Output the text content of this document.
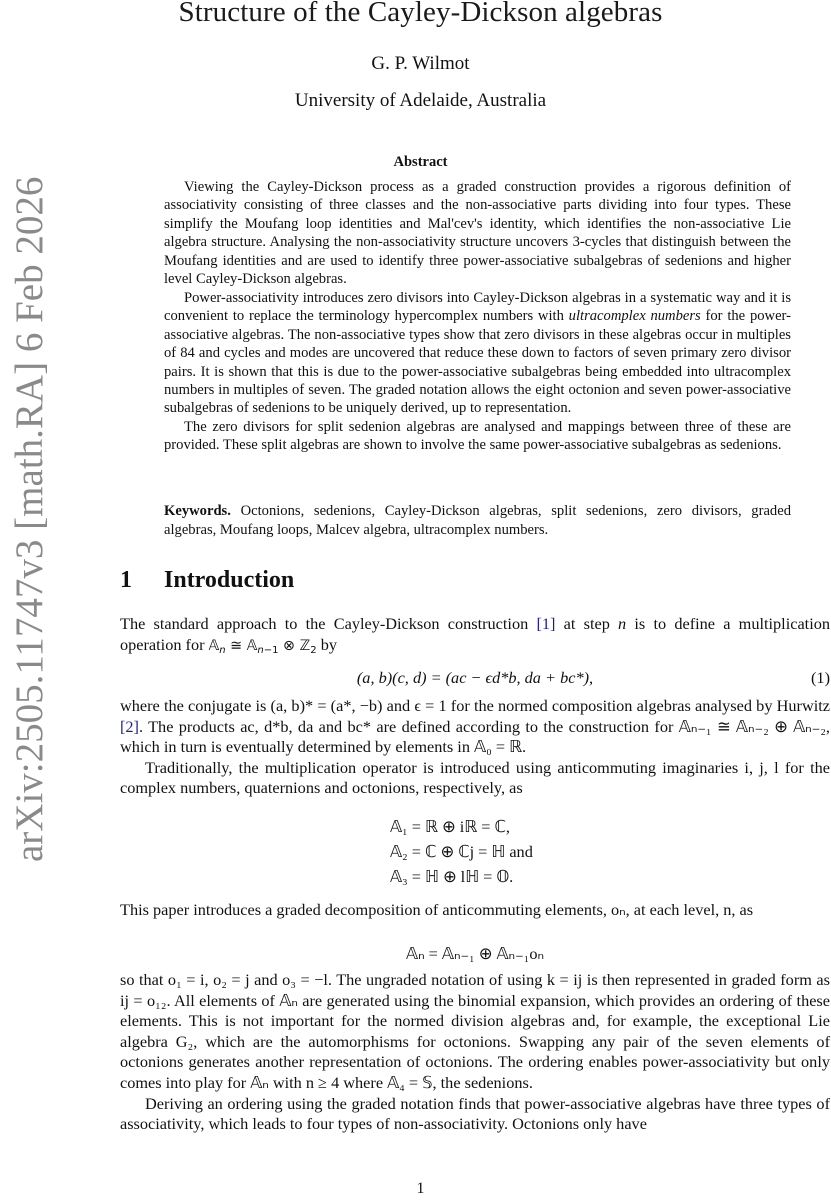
arXiv:2505.11747v3 [math.RA] 6 Feb 2026
Structure of the Cayley-Dickson algebras
G. P. Wilmot
University of Adelaide, Australia
Abstract

Viewing the Cayley-Dickson process as a graded construction provides a rigorous definition of associativity consisting of three classes and the non-associative parts dividing into four types. These simplify the Moufang loop identities and Mal'cev's identity, which identifies the non-associative Lie algebra structure. Analysing the non-associativity structure uncovers 3-cycles that distinguish between the Moufang identities and are used to identify three power-associative subalgebras of sedenions and higher level Cayley-Dickson algebras.

Power-associativity introduces zero divisors into Cayley-Dickson algebras in a systematic way and it is convenient to replace the terminology hypercomplex numbers with ultracomplex numbers for the power-associative algebras. The non-associative types show that zero divisors in these algebras occur in multiples of 84 and cycles and modes are uncovered that reduce these down to factors of seven primary zero divisor pairs. It is shown that this is due to the power-associative subalgebras being embedded into ultracomplex numbers in multiples of seven. The graded notation allows the eight octonion and seven power-associative subalgebras of sedenions to be uniquely derived, up to representation.

The zero divisors for split sedenion algebras are analysed and mappings between three of these are provided. These split algebras are shown to involve the same power-associative subalgebras as sedenions.

Keywords. Octonions, sedenions, Cayley-Dickson algebras, split sedenions, zero divisors, graded algebras, Moufang loops, Malcev algebra, ultracomplex numbers.
1 Introduction

The standard approach to the Cayley-Dickson construction [1] at step n is to define a multiplication operation for 𝔸$_n$ ≅ 𝔸$_{n-1}$ ⊗ ℤ$_2$ by

(a, b)(c, d) = (ac − ϵd*b, da + bc*),	(1)

where the conjugate is (a, b)* = (a*, −b) and ϵ = 1 for the normed composition algebras analysed by Hurwitz [2]. The products ac, d*b, da and bc* are defined according to the construction for 𝔸ₙ₋₁ ≅ 𝔸ₙ₋₂ ⊕ 𝔸ₙ₋₂, which in turn is eventually determined by elements in 𝔸₀ = ℝ.

Traditionally, the multiplication operator is introduced using anticommuting imaginaries i, j, l for the complex numbers, quaternions and octonions, respectively, as

𝔸₁ = ℝ ⊕ iℝ = ℂ,
𝔸₂ = ℂ ⊕ ℂj = ℍ and
𝔸₃ = ℍ ⊕ lℍ = 𝕆.

This paper introduces a graded decomposition of anticommuting elements, oₙ, at each level, n, as

𝔸ₙ = 𝔸ₙ₋₁ ⊕ 𝔸ₙ₋₁oₙ

so that o₁ = i, o₂ = j and o₃ = −l. The ungraded notation of using k = ij is then represented in graded form as ij = o₁₂. All elements of 𝔸ₙ are generated using the binomial expansion, which provides an ordering of these elements. This is not important for the normed division algebras and, for example, the exceptional Lie algebra G₂, which are the automorphisms for octonions. Swapping any pair of the seven elements of octonions generates another representation of octonions. The ordering enables power-associativity but only comes into play for 𝔸ₙ with n ≥ 4 where 𝔸₄ = 𝕊, the sedenions.

Deriving an ordering using the graded notation finds that power-associative algebras have three types of associativity, which leads to four types of non-associativity. Octonions only have

1
